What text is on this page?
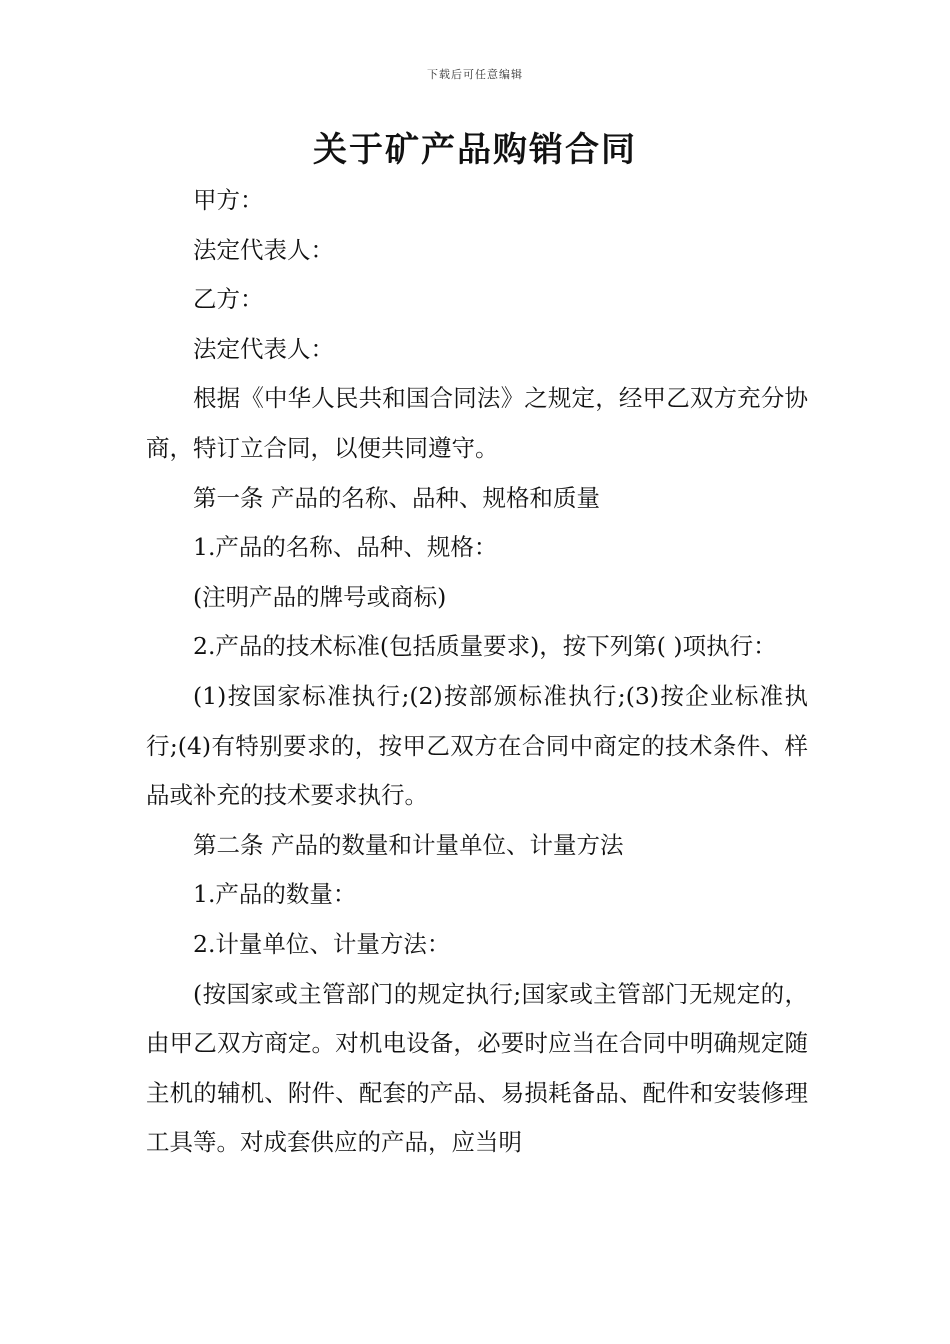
下载后可任意编辑
关于矿产品购销合同

甲方：

法定代表人：

乙方：

法定代表人：

根据《中华人民共和国合同法》之规定，经甲乙双方充分协商，特订立合同，以便共同遵守。

第一条 产品的名称、品种、规格和质量

1.产品的名称、品种、规格：

(注明产品的牌号或商标)

2.产品的技术标准(包括质量要求)，按下列第( )项执行：

(1)按国家标准执行;(2)按部颁标准执行;(3)按企业标准执行;(4)有特别要求的，按甲乙双方在合同中商定的技术条件、样品或补充的技术要求执行。

第二条 产品的数量和计量单位、计量方法

1.产品的数量：

2.计量单位、计量方法：

(按国家或主管部门的规定执行;国家或主管部门无规定的，由甲乙双方商定。对机电设备，必要时应当在合同中明确规定随主机的辅机、附件、配套的产品、易损耗备品、配件和安装修理工具等。对成套供应的产品，应当明
